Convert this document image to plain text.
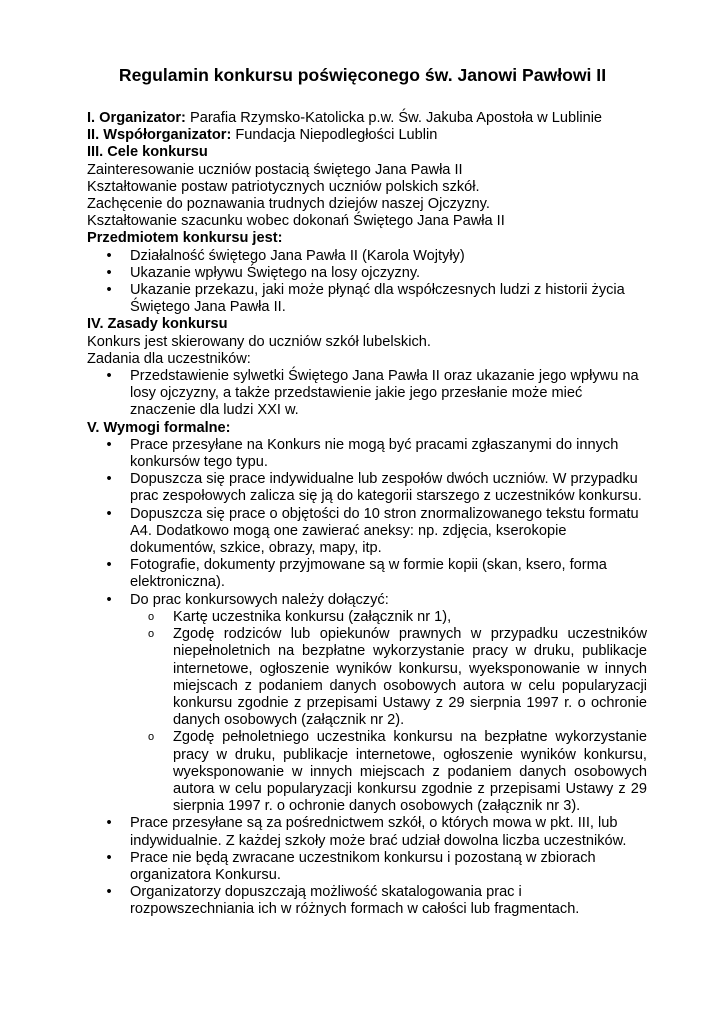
Regulamin konkursu poświęconego św. Janowi Pawłowi II

I. Organizator: Parafia Rzymsko-Katolicka p.w. Św. Jakuba Apostoła w Lublinie

II. Współorganizator: Fundacja Niepodległości Lublin

III. Cele konkursu

Zainteresowanie uczniów postacią świętego Jana Pawła II

Kształtowanie postaw patriotycznych uczniów polskich szkół.

Zachęcenie do poznawania trudnych dziejów naszej Ojczyzny.

Kształtowanie szacunku wobec dokonań Świętego Jana Pawła II

Przedmiotem konkursu jest:

• Działalność świętego Jana Pawła II (Karola Wojtyły)
• Ukazanie wpływu Świętego na losy ojczyzny.
• Ukazanie przekazu, jaki może płynąć dla współczesnych ludzi z historii życia Świętego Jana Pawła II.

IV. Zasady konkursu

Konkurs jest skierowany do uczniów szkół lubelskich.

Zadania dla uczestników:

• Przedstawienie sylwetki Świętego Jana Pawła II oraz ukazanie jego wpływu na losy ojczyzny, a także przedstawienie jakie jego przesłanie może mieć znaczenie dla ludzi XXI w.

V. Wymogi formalne:

• Prace przesyłane na Konkurs nie mogą być pracami zgłaszanymi do innych konkursów tego typu.
• Dopuszcza się prace indywidualne lub zespołów dwóch uczniów. W przypadku prac zespołowych zalicza się ją do kategorii starszego z uczestników konkursu.
• Dopuszcza się prace o objętości do 10 stron znormalizowanego tekstu formatu A4. Dodatkowo mogą one zawierać aneksy: np. zdjęcia, kserokopie dokumentów, szkice, obrazy, mapy, itp.
• Fotografie, dokumenty przyjmowane są w formie kopii (skan, ksero, forma elektroniczna).
• Do prac konkursowych należy dołączyć:
o Kartę uczestnika konkursu (załącznik nr 1),
o Zgodę rodziców lub opiekunów prawnych w przypadku uczestników niepełnoletnich na bezpłatne wykorzystanie pracy w druku, publikacje internetowe, ogłoszenie wyników konkursu, wyeksponowanie w innych miejscach z podaniem danych osobowych autora w celu popularyzacji konkursu zgodnie z przepisami Ustawy z 29 sierpnia 1997 r. o ochronie danych osobowych (załącznik nr 2).
o Zgodę pełnoletniego uczestnika konkursu na bezpłatne wykorzystanie pracy w druku, publikacje internetowe, ogłoszenie wyników konkursu, wyeksponowanie w innych miejscach z podaniem danych osobowych autora w celu popularyzacji konkursu zgodnie z przepisami Ustawy z 29 sierpnia 1997 r. o ochronie danych osobowych (załącznik nr 3).
• Prace przesyłane są za pośrednictwem szkół, o których mowa w pkt. III, lub indywidualnie. Z każdej szkoły może brać udział dowolna liczba uczestników.
• Prace nie będą zwracane uczestnikom konkursu i pozostaną w zbiorach organizatora Konkursu.
• Organizatorzy dopuszczają możliwość skatalogowania prac i rozpowszechniania ich w różnych formach w całości lub fragmentach.
